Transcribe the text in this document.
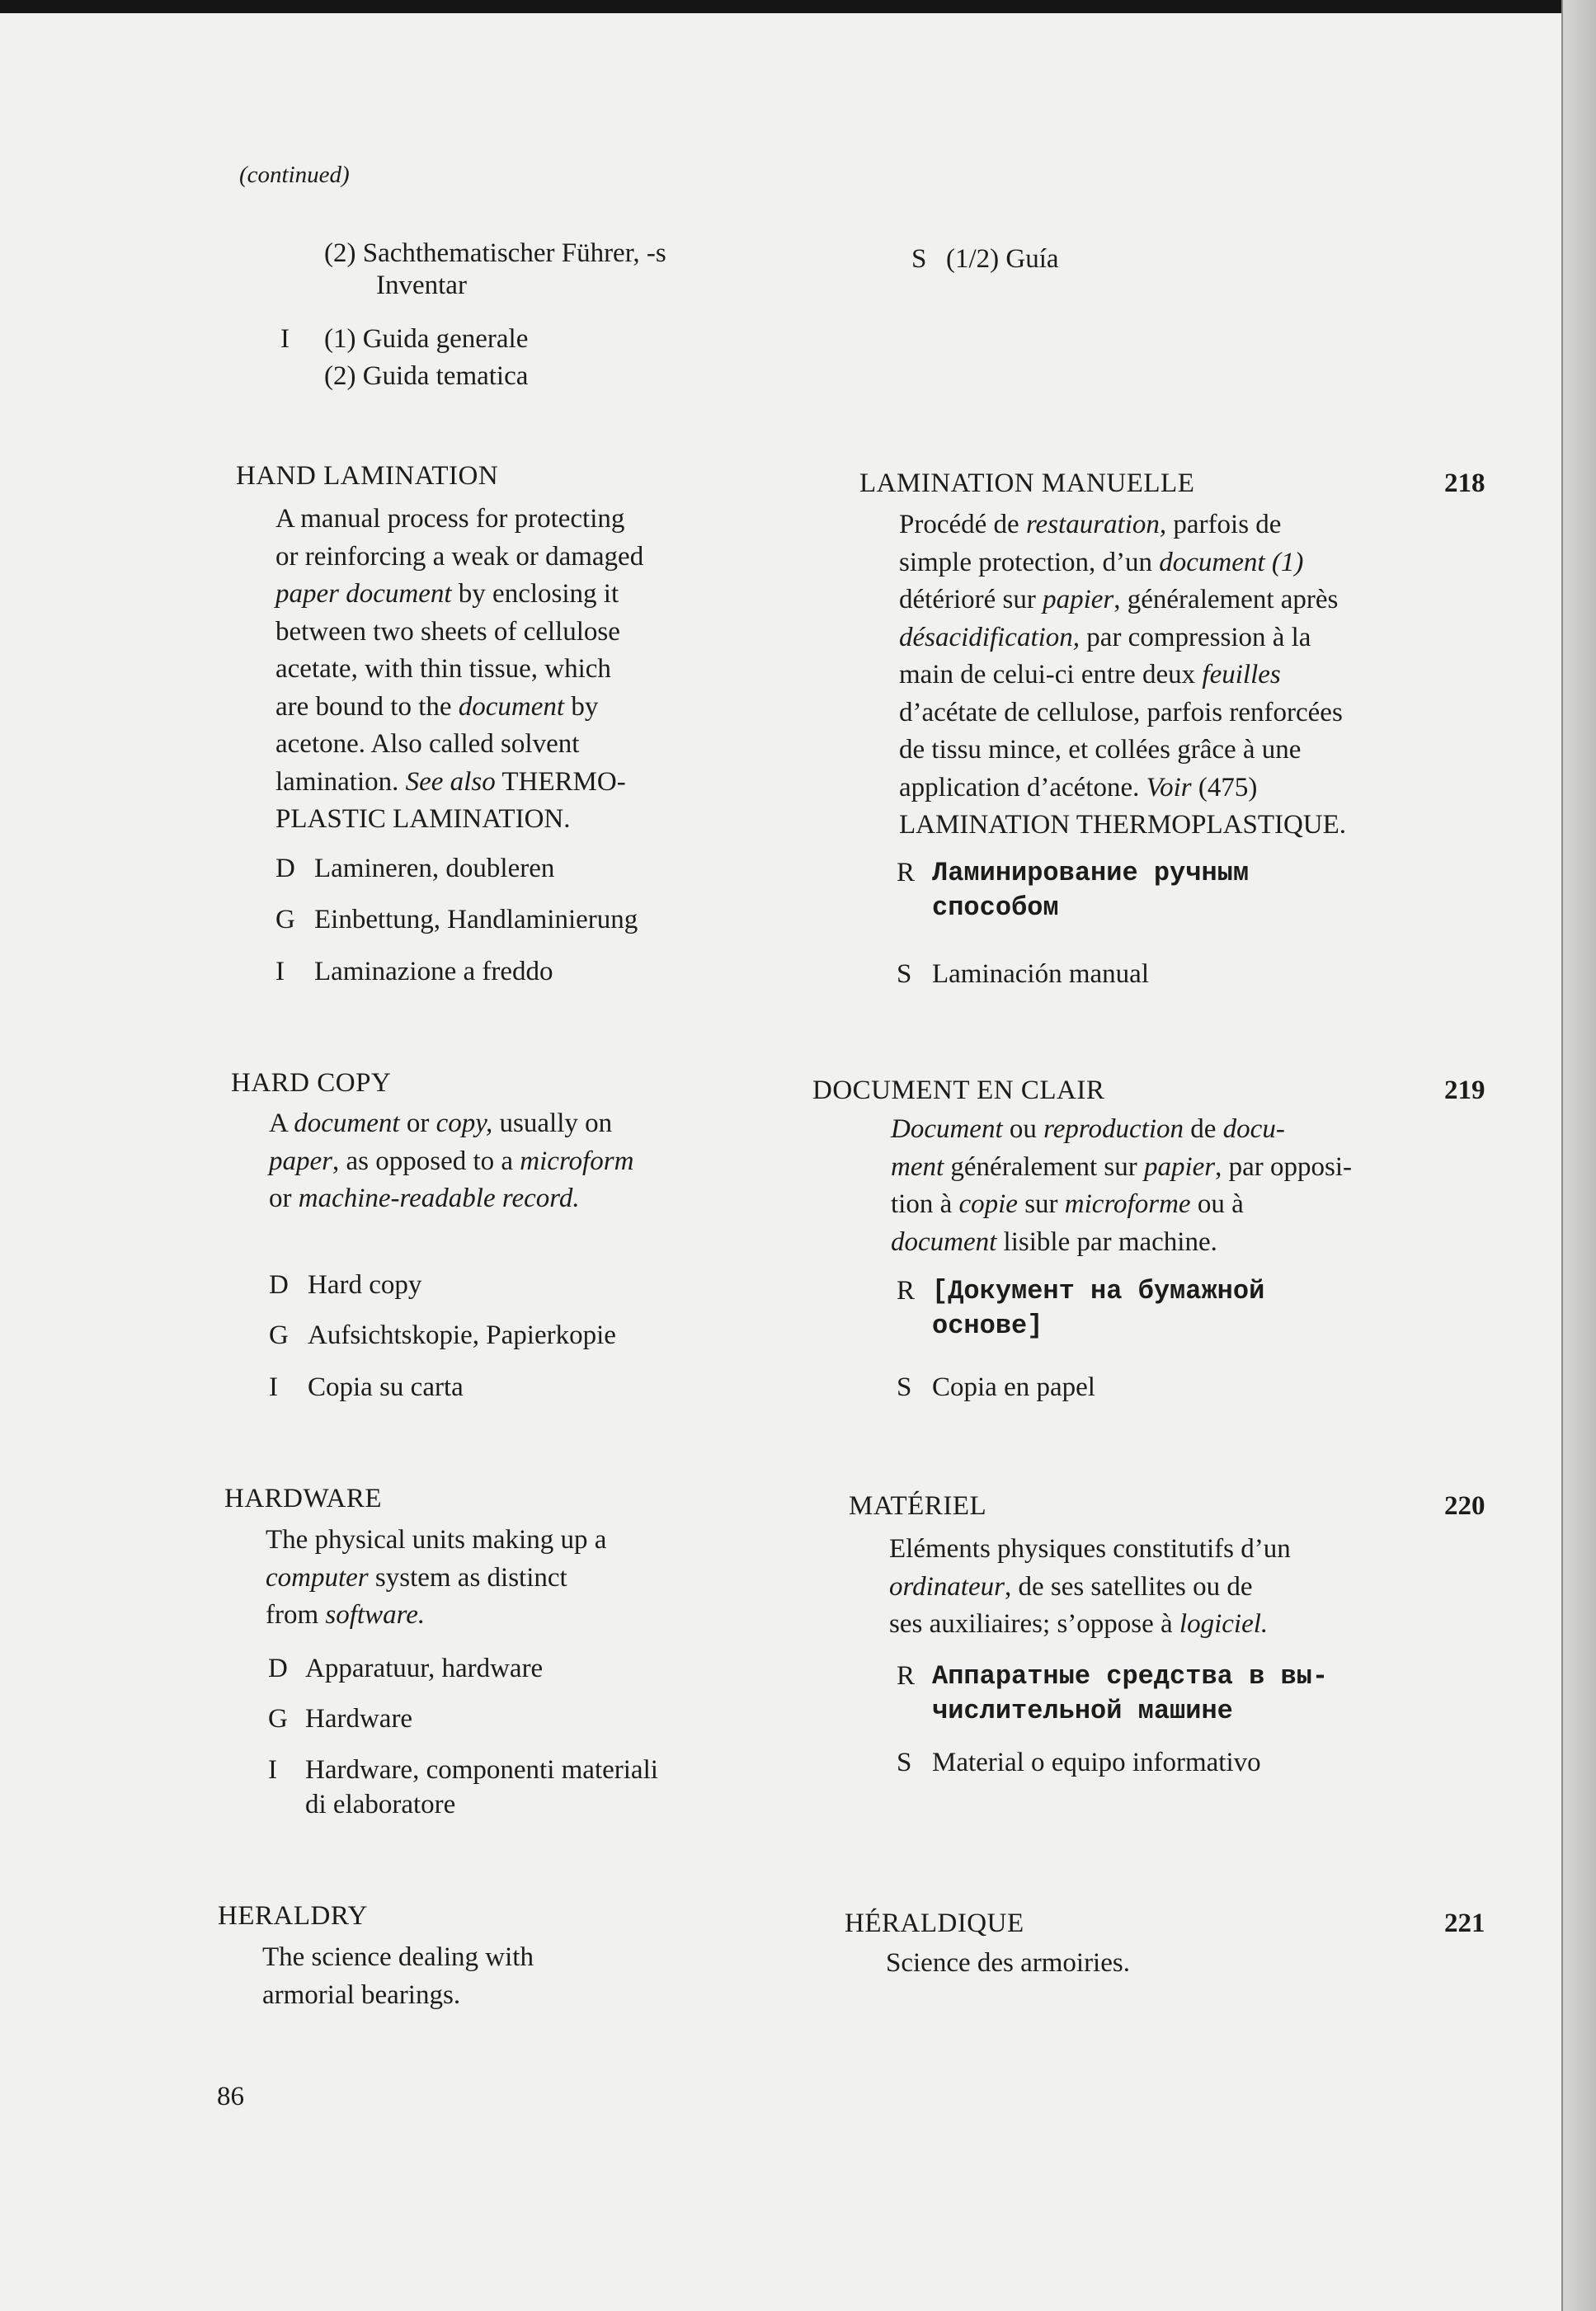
(continued)
(2) Sachthematischer Führer, -s
Inventar
I (1) Guida generale
(2) Guida tematica
S (1/2) Guía
HAND LAMINATION
A manual process for protecting
or reinforcing a weak or damaged
paper document by enclosing it
between two sheets of cellulose
acetate, with thin tissue, which
are bound to the document by
acetone. Also called solvent
lamination. See also THERMO-
PLASTIC LAMINATION.
D Lamineren, doubleren
G Einbettung, Handlaminierung
I Laminazione a freddo
LAMINATION MANUELLE	218
Procédé de restauration, parfois de
simple protection, d’un document (1)
détérioré sur papier, généralement après
désacidification, par compression à la
main de celui-ci entre deux feuilles
d’acétate de cellulose, parfois renforcées
de tissu mince, et collées grâce à une
application d’acétone. Voir (475)
LAMINATION THERMOPLASTIQUE.
R Ламинирование ручным
способом
S Laminación manual
HARD COPY
A document or copy, usually on
paper, as opposed to a microform
or machine-readable record.
D Hard copy
G Aufsichtskopie, Papierkopie
I Copia su carta
DOCUMENT EN CLAIR	219
Document ou reproduction de docu-
ment généralement sur papier, par opposi-
tion à copie sur microforme ou à
document lisible par machine.
R [Документ на бумажной
основе]
S Copia en papel
HARDWARE
The physical units making up a
computer system as distinct
from software.
D Apparatuur, hardware
G Hardware
I Hardware, componenti materiali
di elaboratore
MATÉRIEL	220
Eléments physiques constitutifs d’un
ordinateur, de ses satellites ou de
ses auxiliaires; s’oppose à logiciel.
R Аппаратные средства в вы-
числительной машине
S Material o equipo informativo
HERALDRY
The science dealing with
armorial bearings.
HÉRALDIQUE	221
Science des armoiries.
86
